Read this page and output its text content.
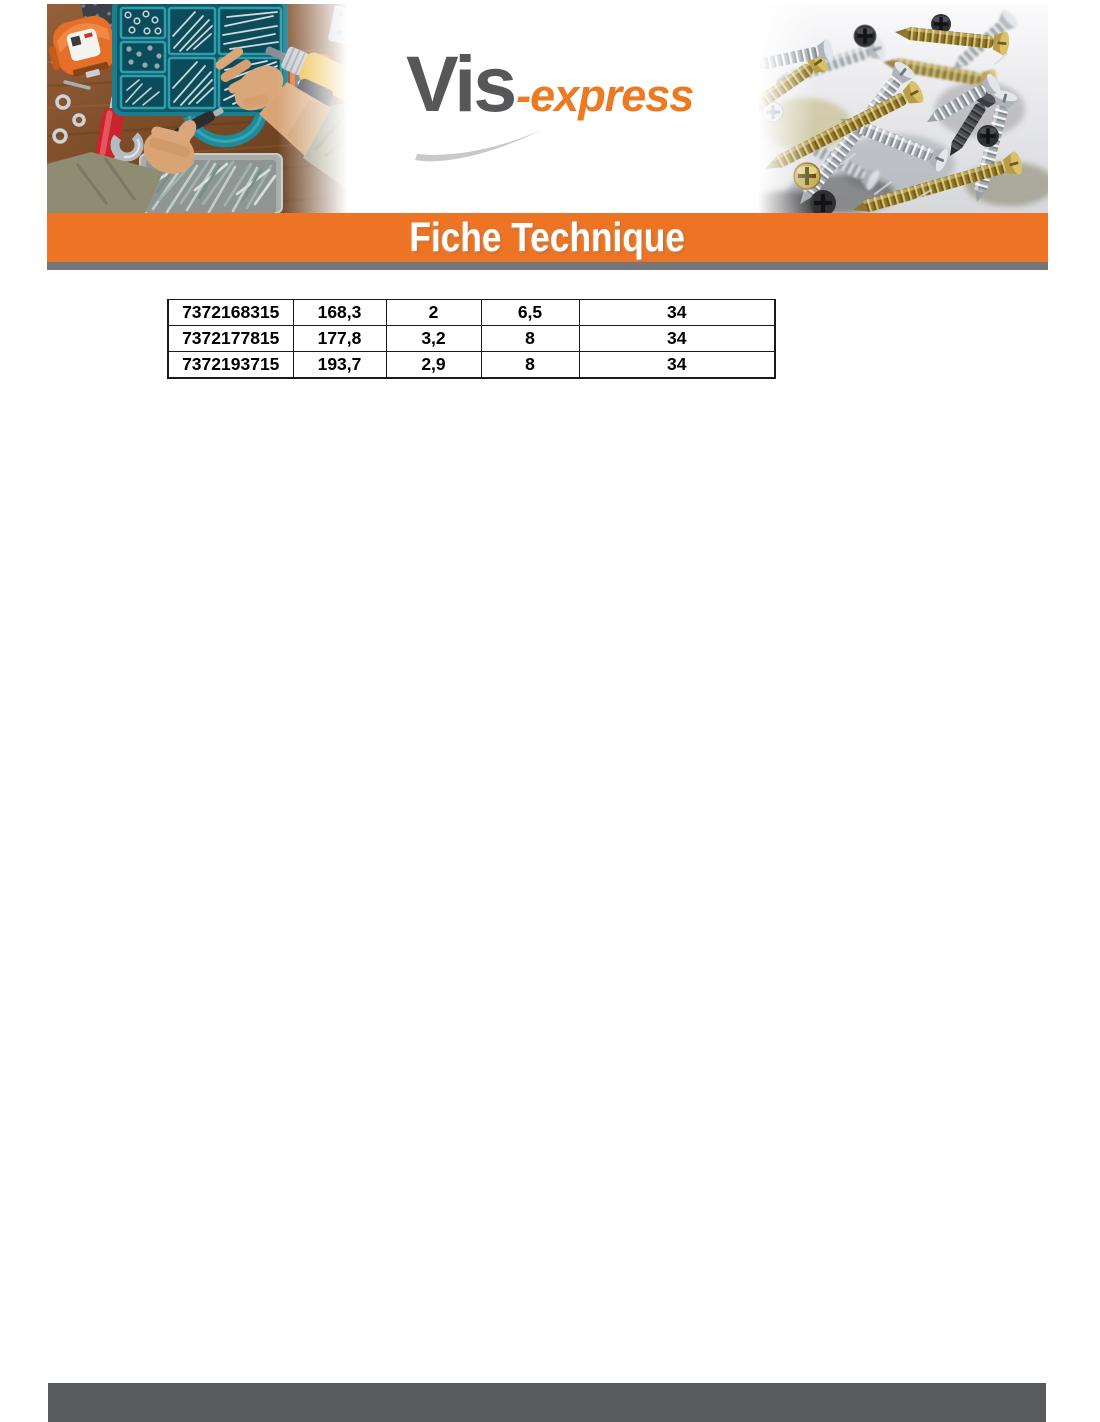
Vis -express
Fiche Technique
7372168315	168,3	2	6,5	34
7372177815	177,8	3,2	8	34
7372193715	193,7	2,9	8	34
